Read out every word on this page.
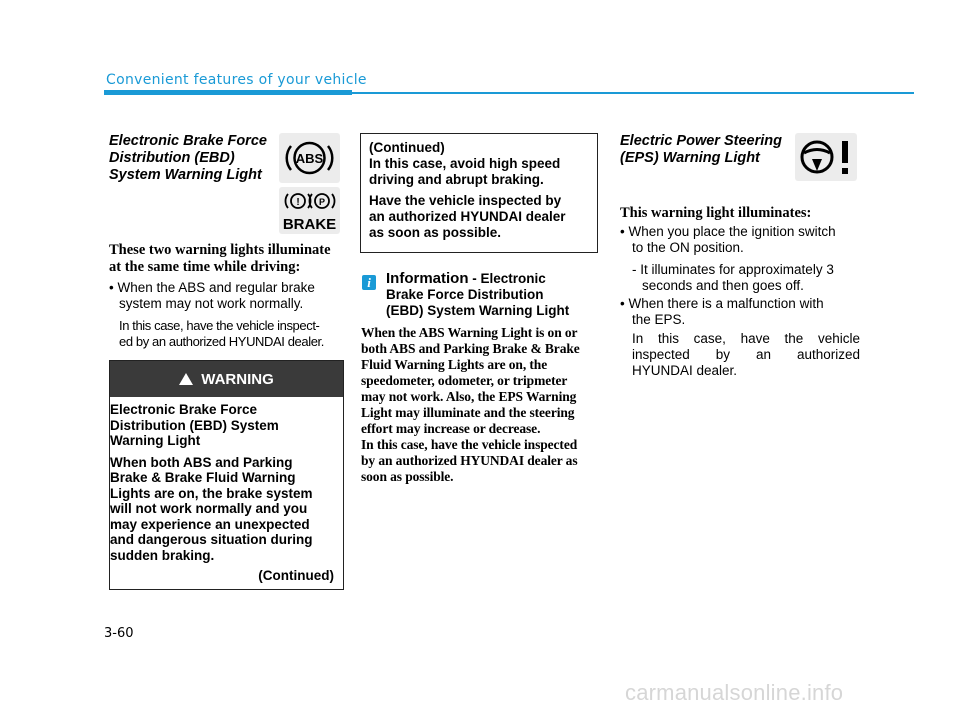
Convenient features of your vehicle
Electronic Brake Force
Distribution (EBD)
System Warning Light
ABS
! P
BRAKE
These two warning lights illuminate
at the same time while driving:
• When the ABS and regular brake
system may not work normally.
In this case, have the vehicle inspect-
ed by an authorized HYUNDAI dealer.
WARNING
Electronic Brake Force
Distribution (EBD) System
Warning Light
When both ABS and Parking
Brake & Brake Fluid Warning
Lights are on, the brake system
will not work normally and you
may experience an unexpected
and dangerous situation during
sudden braking.
(Continued)
(Continued)
In this case, avoid high speed
driving and abrupt braking.
Have the vehicle inspected by
an authorized HYUNDAI dealer
as soon as possible.
i	Information - Electronic
Brake Force Distribution
(EBD) System Warning Light
When the ABS Warning Light is on or
both ABS and Parking Brake & Brake
Fluid Warning Lights are on, the
speedometer, odometer, or tripmeter
may not work. Also, the EPS Warning
Light may illuminate and the steering
effort may increase or decrease.
In this case, have the vehicle inspected
by an authorized HYUNDAI dealer as
soon as possible.
Electric Power Steering
(EPS) Warning Light
This warning light illuminates:
• When you place the ignition switch
to the ON position.
- It illuminates for approximately 3
seconds and then goes off.
• When there is a malfunction with
the EPS.
In this case, have the vehicle
inspected by an authorized
HYUNDAI dealer.
3-60
carmanualsonline.info
